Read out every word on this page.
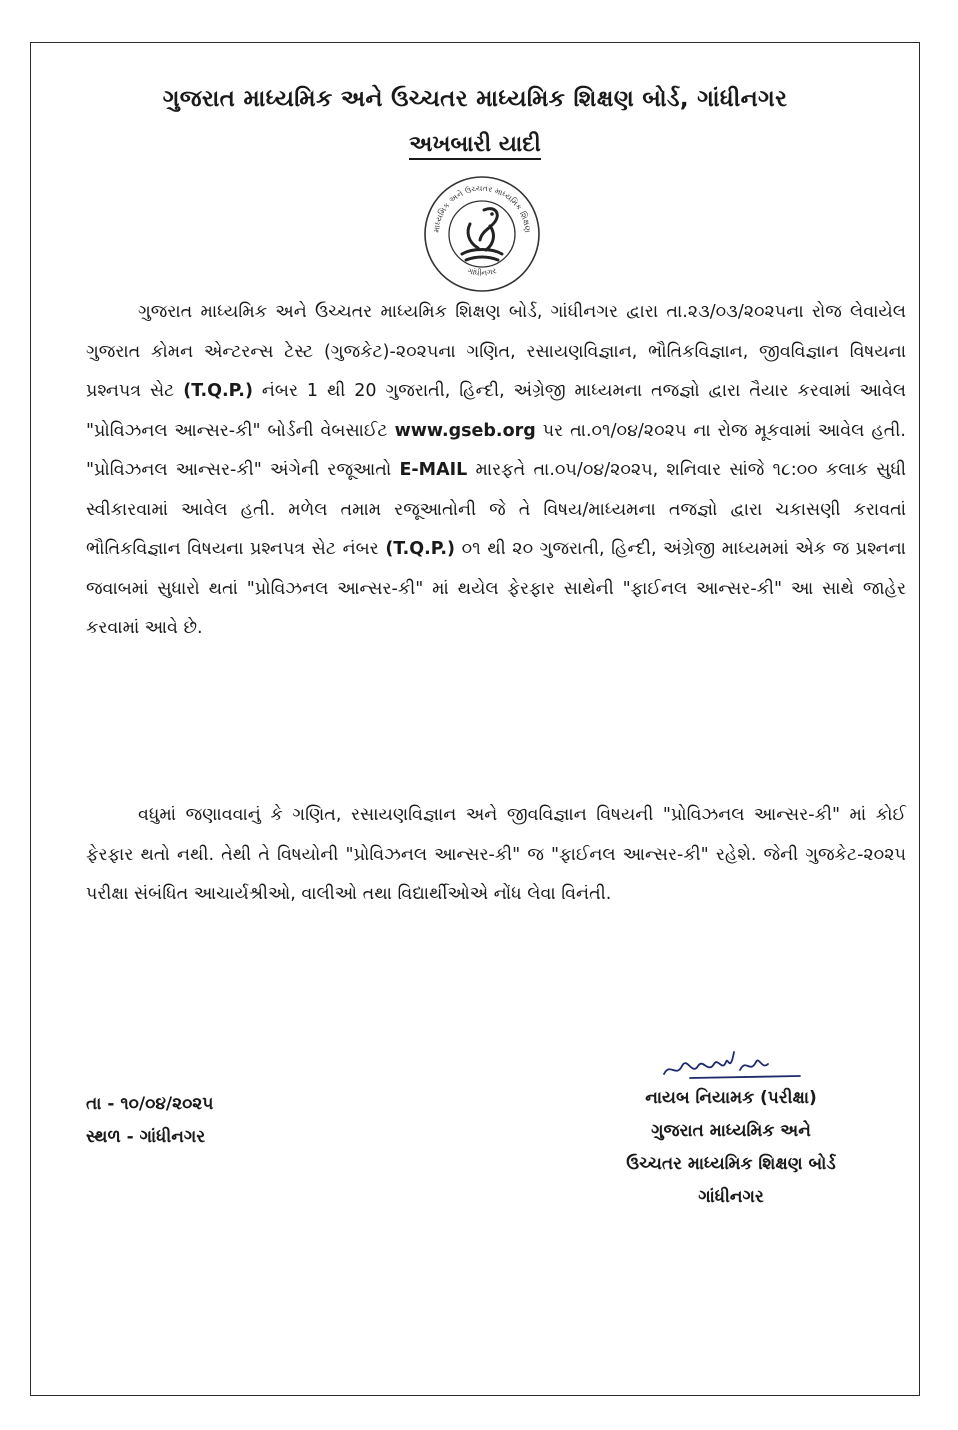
ગુજરાત માધ્યમિક અને ઉચ્ચતર માધ્યમિક શિક્ષણ બોર્ડ, ગાંધીનગર
અખબારી યાદી
માધ્યમિક અને ઉચ્ચતર માધ્યમિક શિક્ષણ
ગાંધીનગર
ગુજરાત માધ્યમિક અને ઉચ્ચતર માધ્યમિક શિક્ષણ બોર્ડ, ગાંધીનગર દ્વારા તા.૨૩/૦૩/૨૦૨૫ના રોજ લેવાયેલ ગુજરાત કોમન એન્ટરન્સ ટેસ્ટ (ગુજકેટ)-૨૦૨૫ના ગણિત, રસાયણવિજ્ઞાન, ભૌતિકવિજ્ઞાન, જીવવિજ્ઞાન વિષયના પ્રશ્નપત્ર સેટ (T.Q.P.) નંબર 1 થી 20 ગુજરાતી, હિન્દી, અંગ્રેજી માધ્યમના તજજ્ઞો દ્વારા તૈયાર કરવામાં આવેલ "પ્રોવિઝનલ આન્સર-કી" બોર્ડની વેબસાઈટ www.gseb.org પર તા.૦૧/૦૪/૨૦૨૫ ના રોજ મૂકવામાં આવેલ હતી. "પ્રોવિઝનલ આન્સર-કી" અંગેની રજૂઆતો E-MAIL મારફતે તા.૦૫/૦૪/૨૦૨૫, શનિવાર સાંજે ૧૮:૦૦ કલાક સુધી સ્વીકારવામાં આવેલ હતી. મળેલ તમામ રજૂઆતોની જે તે વિષય/માધ્યમના તજજ્ઞો દ્વારા ચકાસણી કરાવતાં ભૌતિકવિજ્ઞાન વિષયના પ્રશ્નપત્ર સેટ નંબર (T.Q.P.) ૦૧ થી ૨૦ ગુજરાતી, હિન્દી, અંગ્રેજી માધ્યમમાં એક જ પ્રશ્નના જવાબમાં સુધારો થતાં "પ્રોવિઝનલ આન્સર-કી" માં થયેલ ફેરફાર સાથેની "ફાઈનલ આન્સર-કી" આ સાથે જાહેર કરવામાં આવે છે.
વધુમાં જણાવવાનું કે ગણિત, રસાયણવિજ્ઞાન અને જીવવિજ્ઞાન વિષયની "પ્રોવિઝનલ આન્સર-કી" માં કોઈ ફેરફાર થતો નથી. તેથી તે વિષયોની "પ્રોવિઝનલ આન્સર-કી" જ "ફાઈનલ આન્સર-કી" રહેશે. જેની ગુજકેટ-૨૦૨૫ પરીક્ષા સંબંધિત આચાર્યશ્રીઓ, વાલીઓ તથા વિદ્યાર્થીઓએ નોંધ લેવા વિનંતી.
તા - ૧૦/૦૪/૨૦૨૫
સ્થળ - ગાંધીનગર
નાયબ નિયામક (પરીક્ષા)
ગુજરાત માધ્યમિક અને
ઉચ્ચતર માધ્યમિક શિક્ષણ બોર્ડ
ગાંધીનગર
